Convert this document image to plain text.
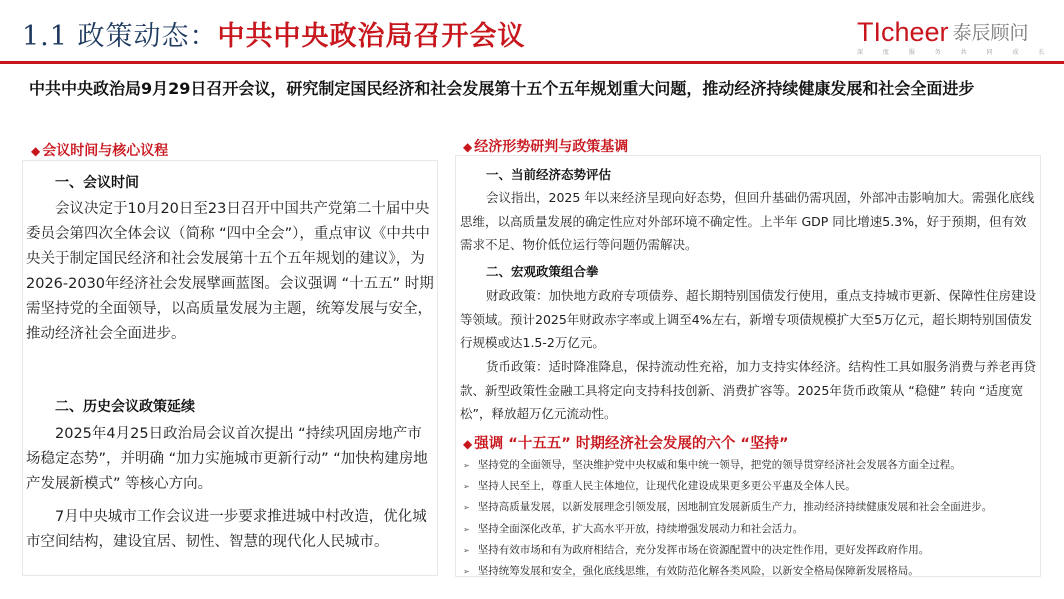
1.1 政策动态：中共中央政治局召开会议	TIcheer 泰辰顾问
深 度 服 务 共 同 成 长
中共中央政治局9月29日召开会议，研究制定国民经济和社会发展第十五个五年规划重大问题，推动经济持续健康发展和社会全面进步
◆ 会议时间与核心议程
一、会议时间
会议决定于10月20日至23日召开中国共产党第二十届中央委员会第四次全体会议（简称 “四中全会”），重点审议《中共中央关于制定国民经济和社会发展第十五个五年规划的建议》，为2026-2030年经济社会发展擘画蓝图。会议强调 “十五五” 时期需坚持党的全面领导，以高质量发展为主题，统筹发展与安全，推动经济社会全面进步。
二、历史会议政策延续
2025年4月25日政治局会议首次提出 “持续巩固房地产市场稳定态势”，并明确 “加力实施城市更新行动” “加快构建房地产发展新模式” 等核心方向。
7月中央城市工作会议进一步要求推进城中村改造，优化城市空间结构，建设宜居、韧性、智慧的现代化人民城市。
◆ 经济形势研判与政策基调
一、当前经济态势评估
会议指出，2025 年以来经济呈现向好态势，但回升基础仍需巩固，外部冲击影响加大。需强化底线思维，以高质量发展的确定性应对外部环境不确定性。上半年 GDP 同比增速5.3%，好于预期，但有效需求不足、物价低位运行等问题仍需解决。
二、宏观政策组合拳
财政政策：加快地方政府专项债券、超长期特别国债发行使用，重点支持城市更新、保障性住房建设等领域。预计2025年财政赤字率或上调至4%左右，新增专项债规模扩大至5万亿元，超长期特别国债发行规模或达1.5-2万亿元。
货币政策：适时降准降息，保持流动性充裕，加力支持实体经济。结构性工具如服务消费与养老再贷款、新型政策性金融工具将定向支持科技创新、消费扩容等。2025年货币政策从 “稳健” 转向 “适度宽松”，释放超万亿元流动性。
◆ 强调 “十五五” 时期经济社会发展的六个 “坚持”
➢ 坚持党的全面领导，坚决维护党中央权威和集中统一领导，把党的领导贯穿经济社会发展各方面全过程。
➢ 坚持人民至上，尊重人民主体地位，让现代化建设成果更多更公平惠及全体人民。
➢ 坚持高质量发展，以新发展理念引领发展，因地制宜发展新质生产力，推动经济持续健康发展和社会全面进步。
➢ 坚持全面深化改革，扩大高水平开放，持续增强发展动力和社会活力。
➢ 坚持有效市场和有为政府相结合，充分发挥市场在资源配置中的决定性作用，更好发挥政府作用。
➢ 坚持统筹发展和安全，强化底线思维，有效防范化解各类风险，以新安全格局保障新发展格局。
